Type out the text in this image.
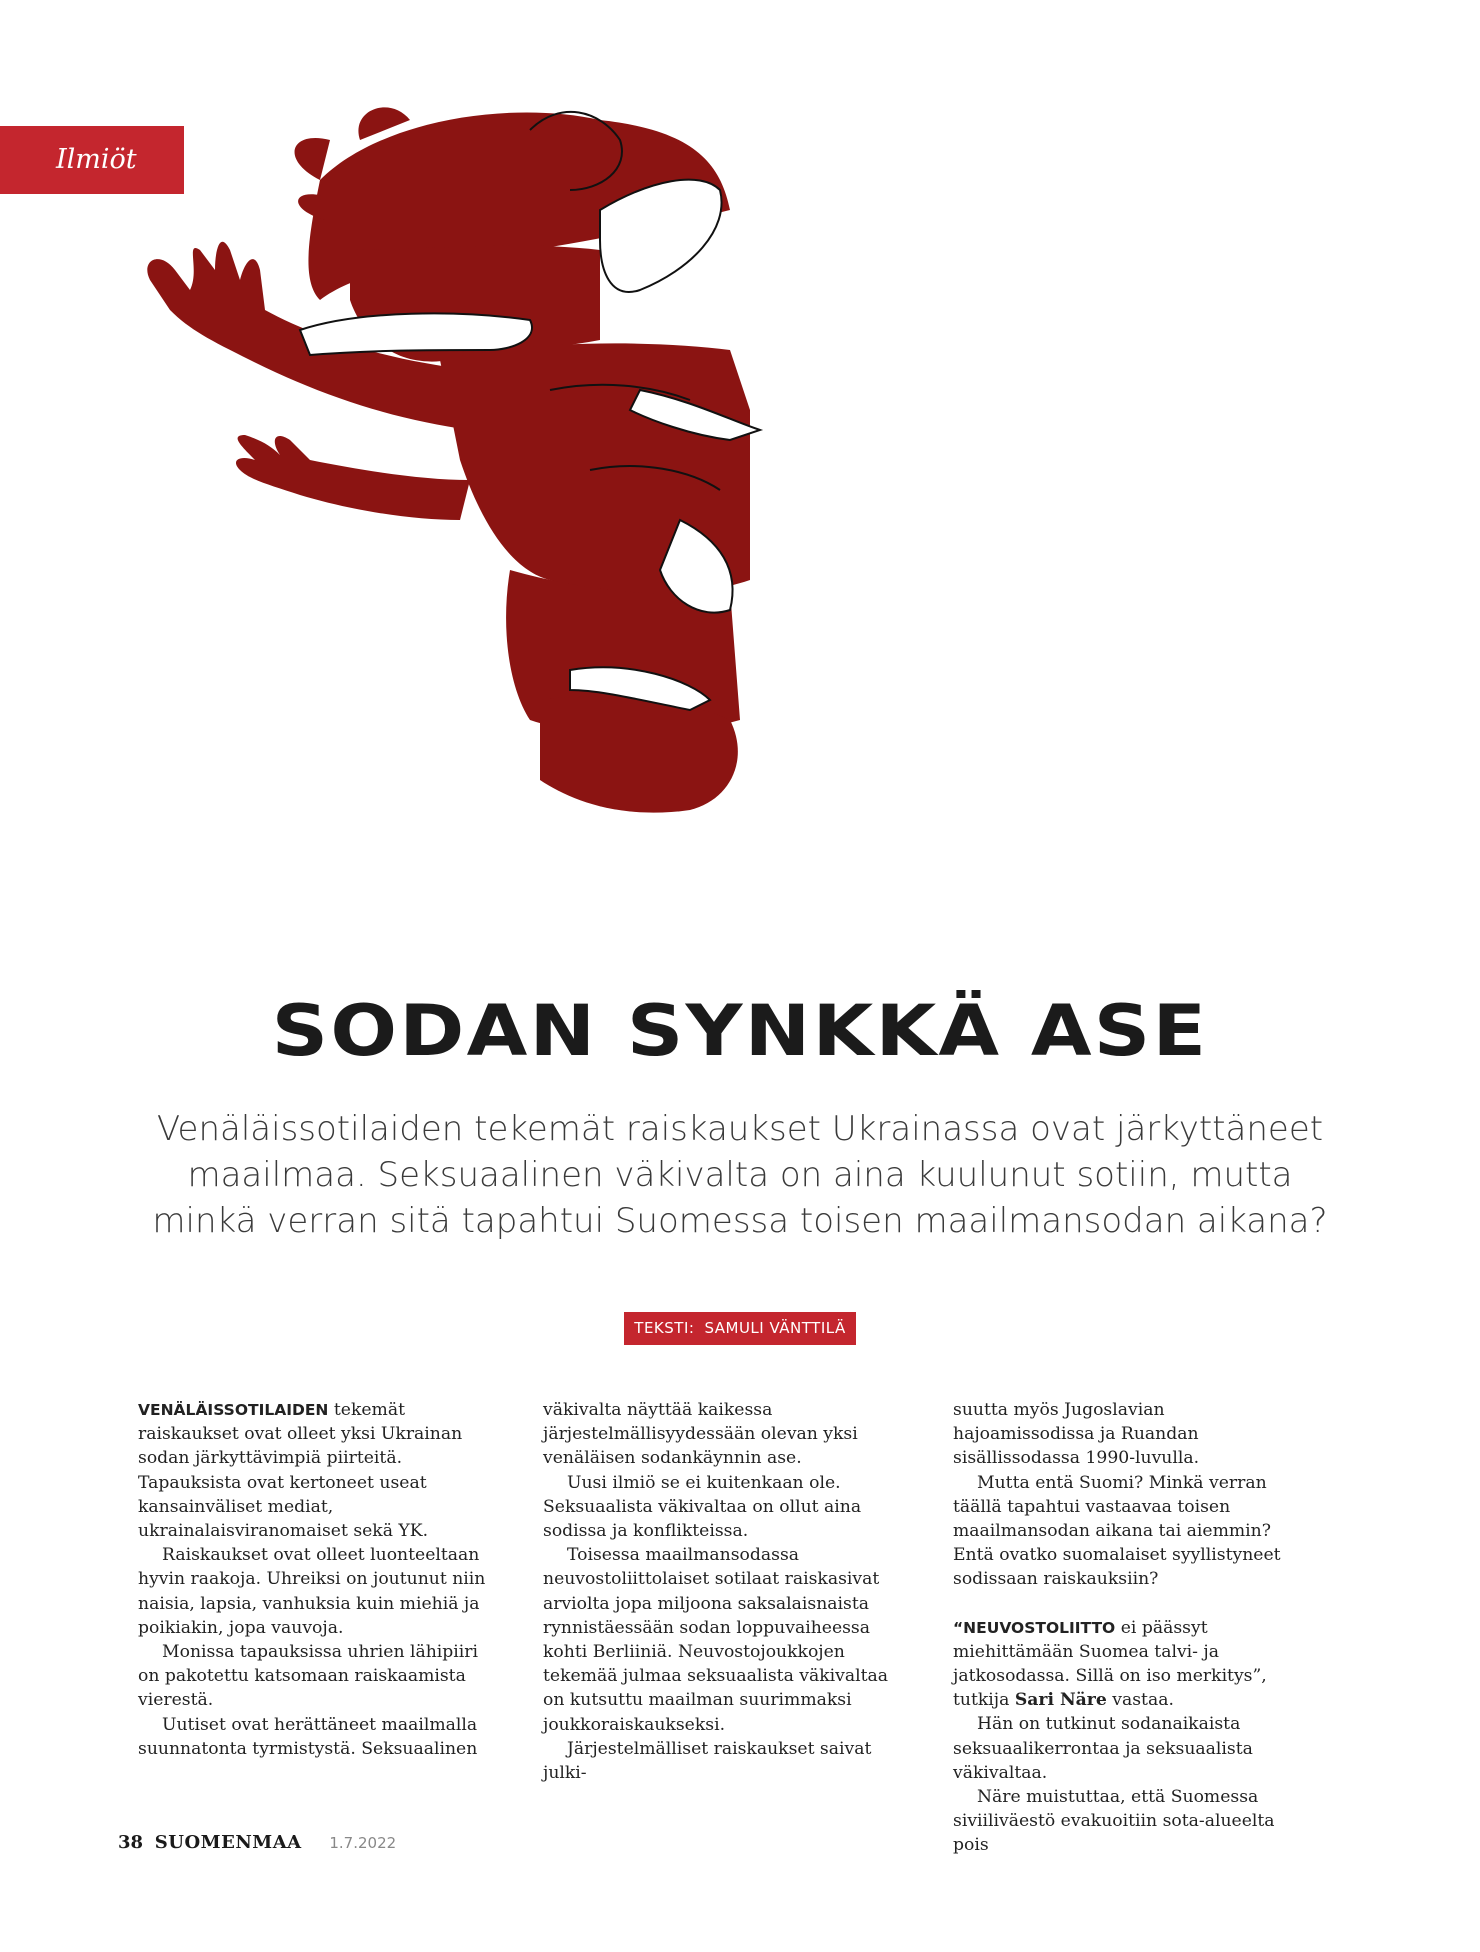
Ilmiöt
SODAN SYNKKÄ ASE
Venäläissotilaiden tekemät raiskaukset Ukrainassa ovat järkyttäneet maailmaa. Seksuaalinen väkivalta on aina kuulunut sotiin, mutta minkä verran sitä tapahtui Suomessa toisen maailmansodan aikana?
TEKSTI: SAMULI VÄNTTILÄ

VENÄLÄISSOTILAIDEN tekemät raiskaukset ovat olleet yksi Ukrainan sodan järkyttävimpiä piirteitä. Tapauksista ovat kertoneet useat kansainväliset mediat, ukrainalaisviranomaiset sekä YK.

Raiskaukset ovat olleet luonteeltaan hyvin raakoja. Uhreiksi on joutunut niin naisia, lapsia, vanhuksia kuin miehiä ja poikiakin, jopa vauvoja.

Monissa tapauksissa uhrien lähipiiri on pakotettu katsomaan raiskaamista vierestä.

Uutiset ovat herättäneet maailmalla suunnatonta tyrmistystä. Seksuaalinen

väkivalta näyttää kaikessa järjestelmällisyydessään olevan yksi venäläisen sodankäynnin ase.

Uusi ilmiö se ei kuitenkaan ole. Seksuaalista väkivaltaa on ollut aina sodissa ja konflikteissa.

Toisessa maailmansodassa neuvostoliittolaiset sotilaat raiskasivat arviolta jopa miljoona saksalaisnaista rynnistäessään sodan loppuvaiheessa kohti Berliiniä. Neuvostojoukkojen tekemää julmaa seksuaalista väkivaltaa on kutsuttu maailman suurimmaksi joukkoraiskaukseksi.

Järjestelmälliset raiskaukset saivat julki-

suutta myös Jugoslavian hajoamissodissa ja Ruandan sisällissodassa 1990-luvulla.

Mutta entä Suomi? Minkä verran täällä tapahtui vastaavaa toisen maailmansodan aikana tai aiemmin? Entä ovatko suomalaiset syyllistyneet sodissaan raiskauksiin?

“NEUVOSTOLIITTO ei päässyt miehittämään Suomea talvi- ja jatkosodassa. Sillä on iso merkitys”, tutkija Sari Näre vastaa.

Hän on tutkinut sodanaikaista seksuaalikerrontaa ja seksuaalista väkivaltaa.

Näre muistuttaa, että Suomessa siviiliväestö evakuoitiin sota-alueelta pois

38 SUOMENMAA 1.7.2022
